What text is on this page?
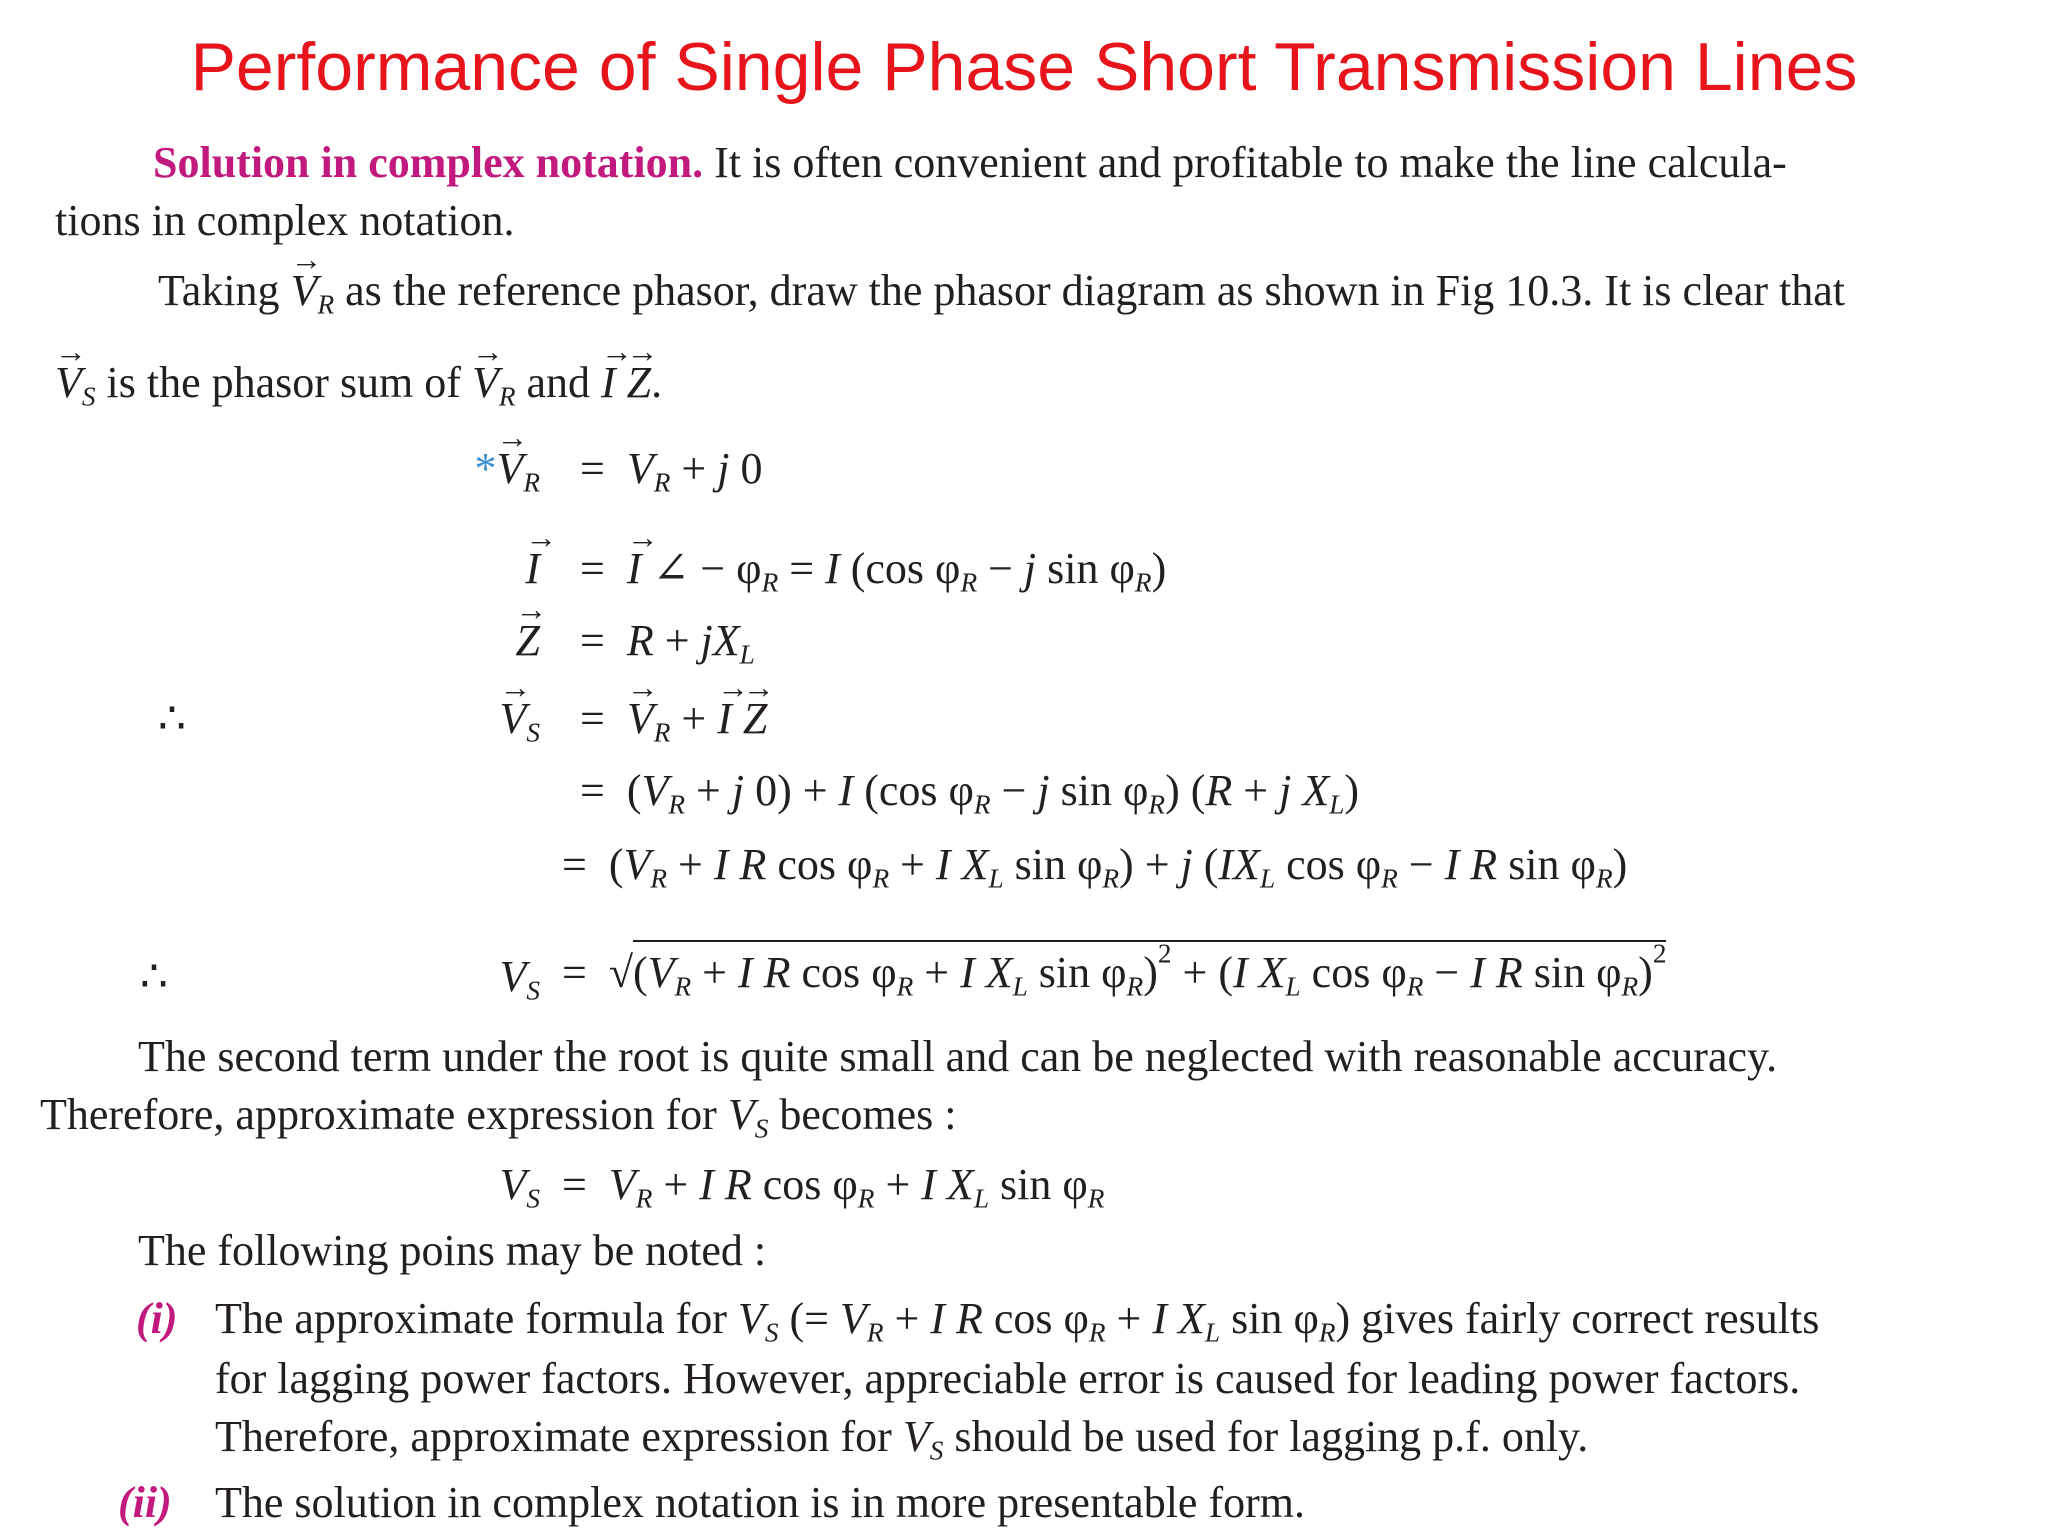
Performance of Single Phase Short Transmission Lines
Solution in complex notation. It is often convenient and profitable to make the line calcula-
tions in complex notation.
Taking → $V_R$ as the reference phasor, draw the phasor diagram as shown in Fig 10.3. It is clear that
→ $V_S$ is the phasor sum of → $V_R$ and → I → Z.
*→ $V_R = V_R + j$ 0
→ I =  → I ∠ − $\varphi_R = I$ (cos $\varphi_R - j$ $\sin \varphi_R$)
→ $Z = R + jX_L$
∴	→ $V_S$ =  → $V_R$ + → I → Z
=  ($V_R + j$ 0) + I (cos $\varphi_R - j$ $\sin \varphi_R$) (R + j $X_L$)
=  ($V_R + I$ R $\cos \varphi_R + I$ $X_L$ $\sin \varphi_R) + j$ ($IX_L$ $\cos \varphi_R - I$ R $\sin \varphi_R$)
∴	$V_S = √(V_R + I$ R $\cos \varphi_R + I$ $X_L$ $\sin \varphi_R)^2 + (I$ $X_L$ $\cos \varphi_R - I$ R $\sin \varphi_R)^2$
The second term under the root is quite small and can be neglected with reasonable accuracy.
Therefore, approximate expression for $V_S$ becomes :
$V_S = V_R + I$ R $\cos \varphi_R + I$ $X_L$ $\sin \varphi_R$
The following poins may be noted :
(i) The approximate formula for $V_S$ (= $V_R + I$ R $\cos \varphi_R + I$ $X_L$ $\sin \varphi_R$) gives fairly correct results
for lagging power factors. However, appreciable error is caused for leading power factors.
Therefore, approximate expression for $V_S$ should be used for lagging p.f. only.
(ii) The solution in complex notation is in more presentable form.
